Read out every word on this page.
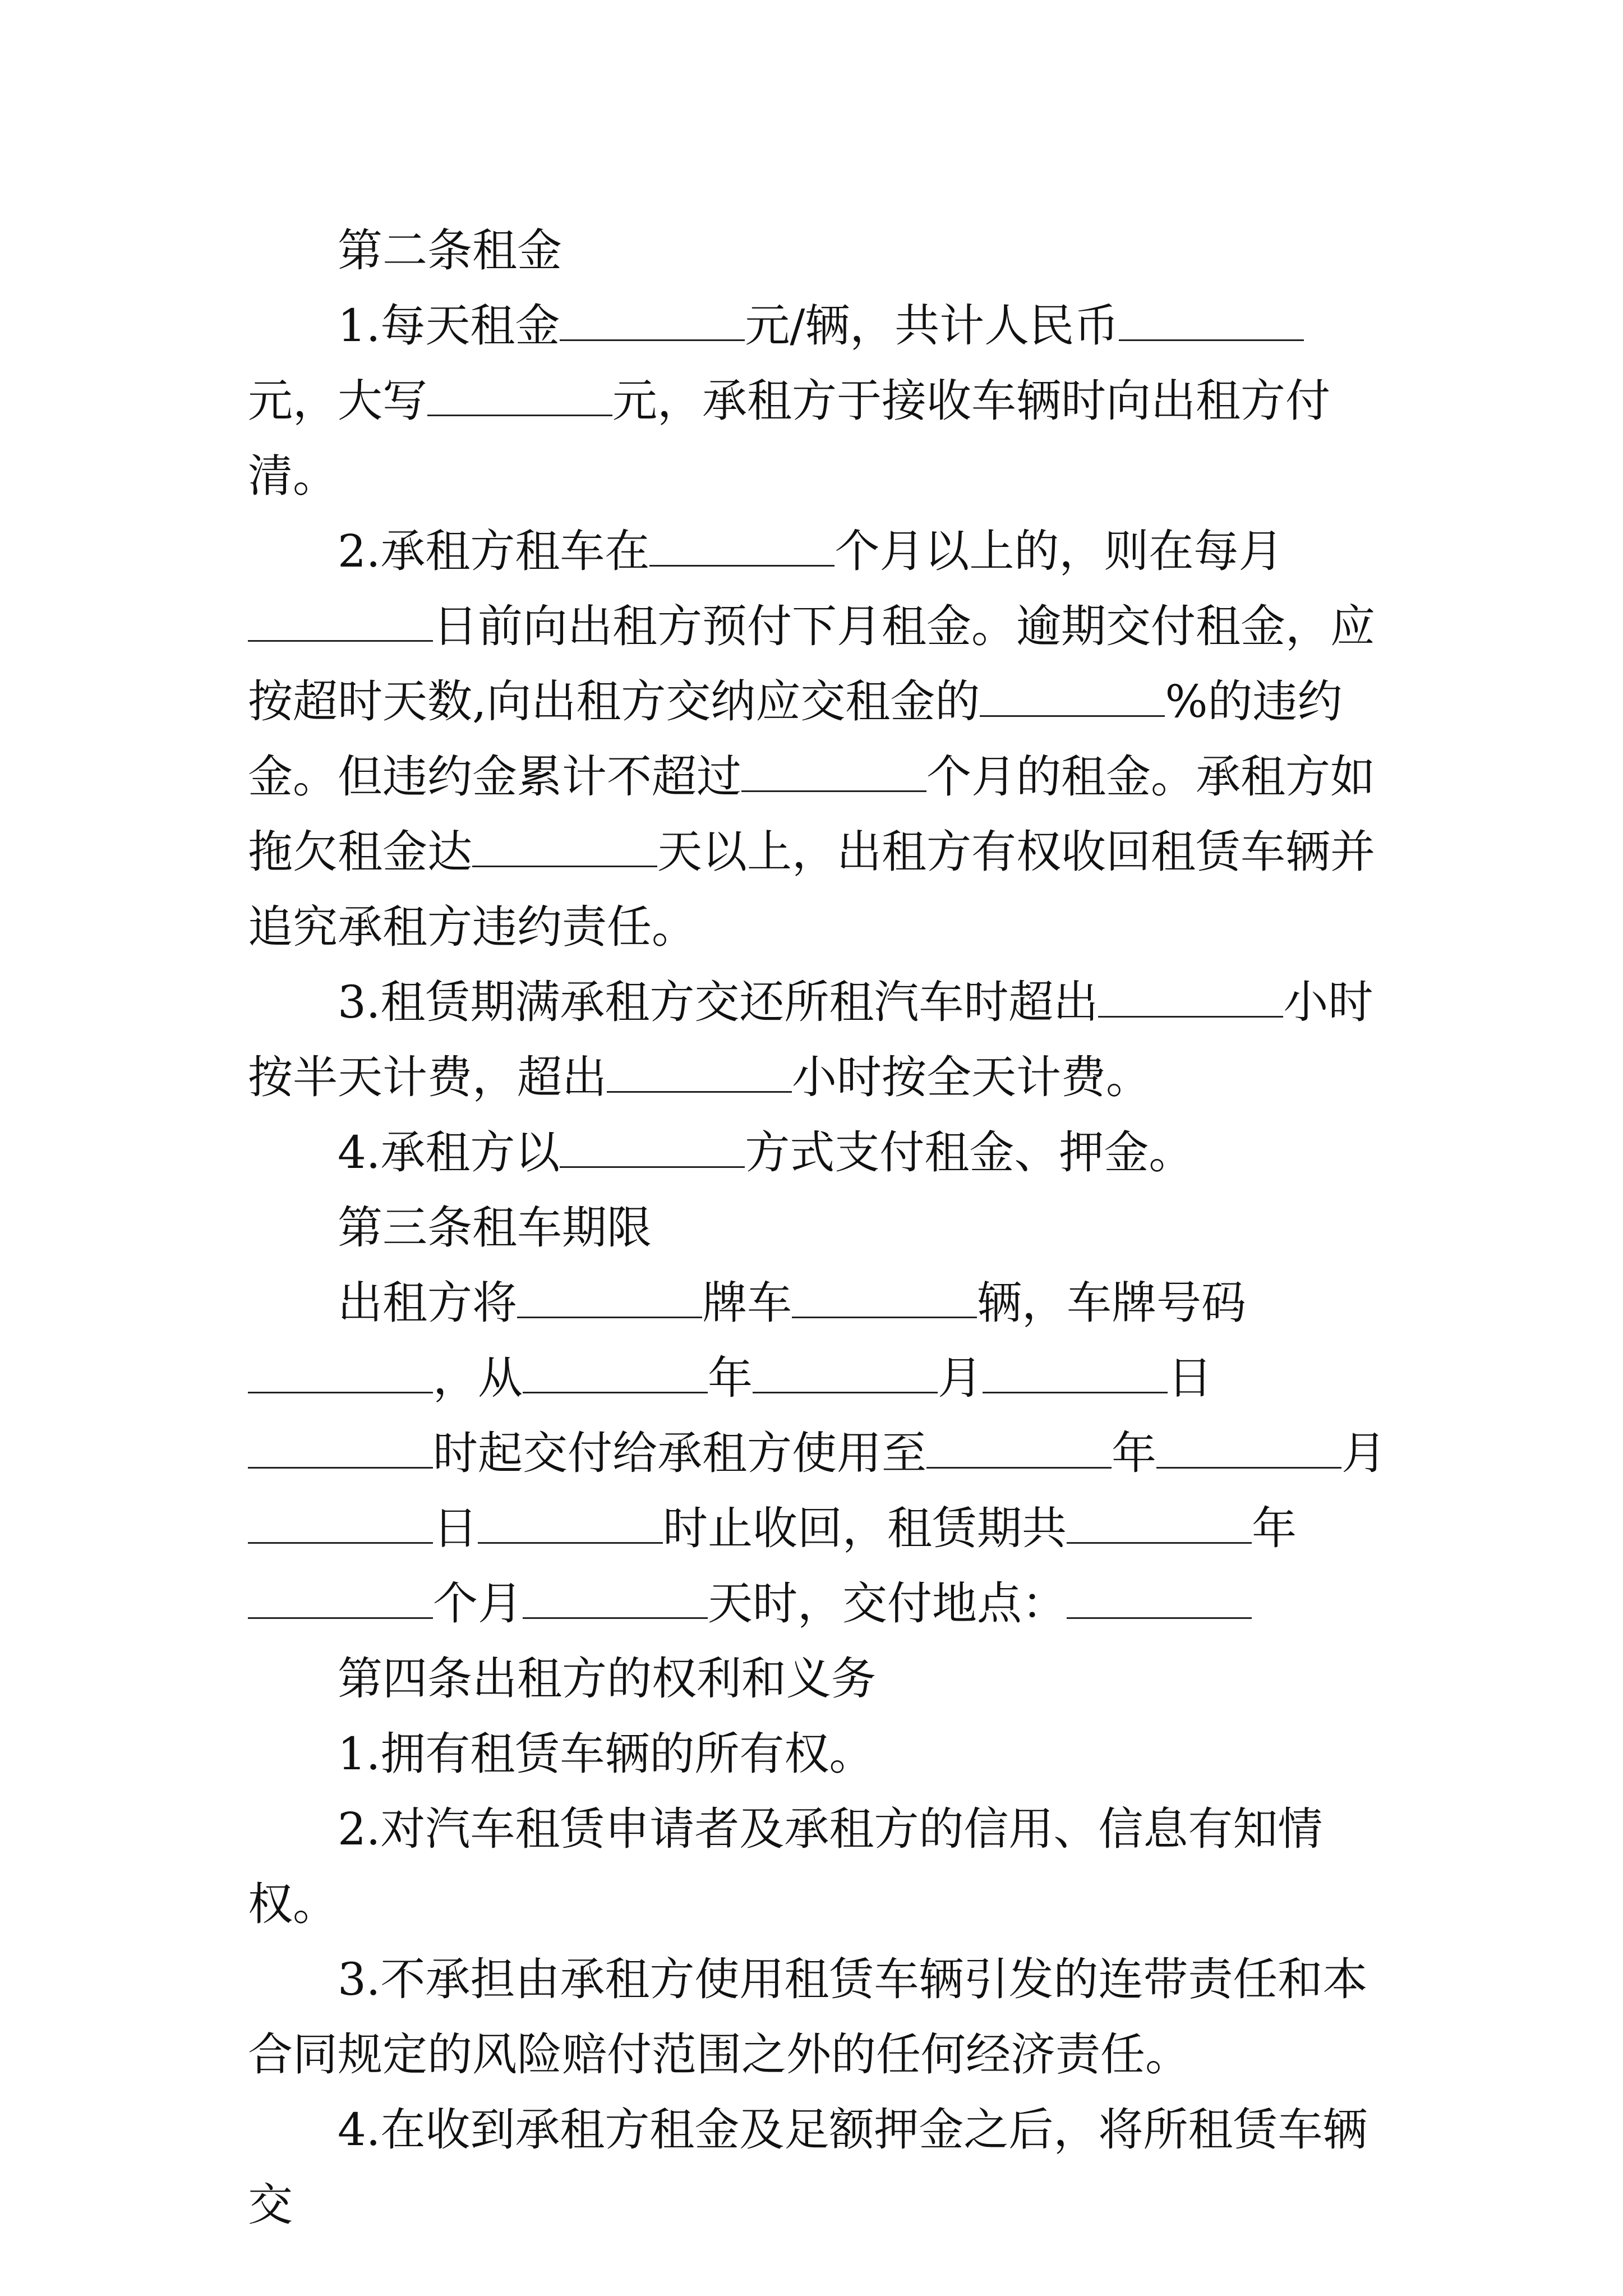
第二条租金

1.每天租金	元/辆，共计人民币元，大写	元，承租方于接收车辆时向出租方付清。

2.承租方租车在	个月以上的，则在每月日前向出租方预付下月租金。逾期交付租金，应按超时天数,向出租方交纳应交租金的	%的违约金。但违约金累计不超过	个月的租金。承租方如拖欠租金达	天以上，出租方有权收回租赁车辆并追究承租方违约责任。

3.租赁期满承租方交还所租汽车时超出	小时按半天计费，超出	小时按全天计费。

4.承租方以	方式支付租金、押金。

第三条租车期限

出租方将	牌车	辆，车牌号码，从	年	月	日时起交付给承租方使用至	年	月日	时止收回，租赁期共	年个月	天时，交付地点：

第四条出租方的权利和义务

1.拥有租赁车辆的所有权。

2.对汽车租赁申请者及承租方的信用、信息有知情权。

3.不承担由承租方使用租赁车辆引发的连带责任和本合同规定的风险赔付范围之外的任何经济责任。

4.在收到承租方租金及足额押金之后，将所租赁车辆交
